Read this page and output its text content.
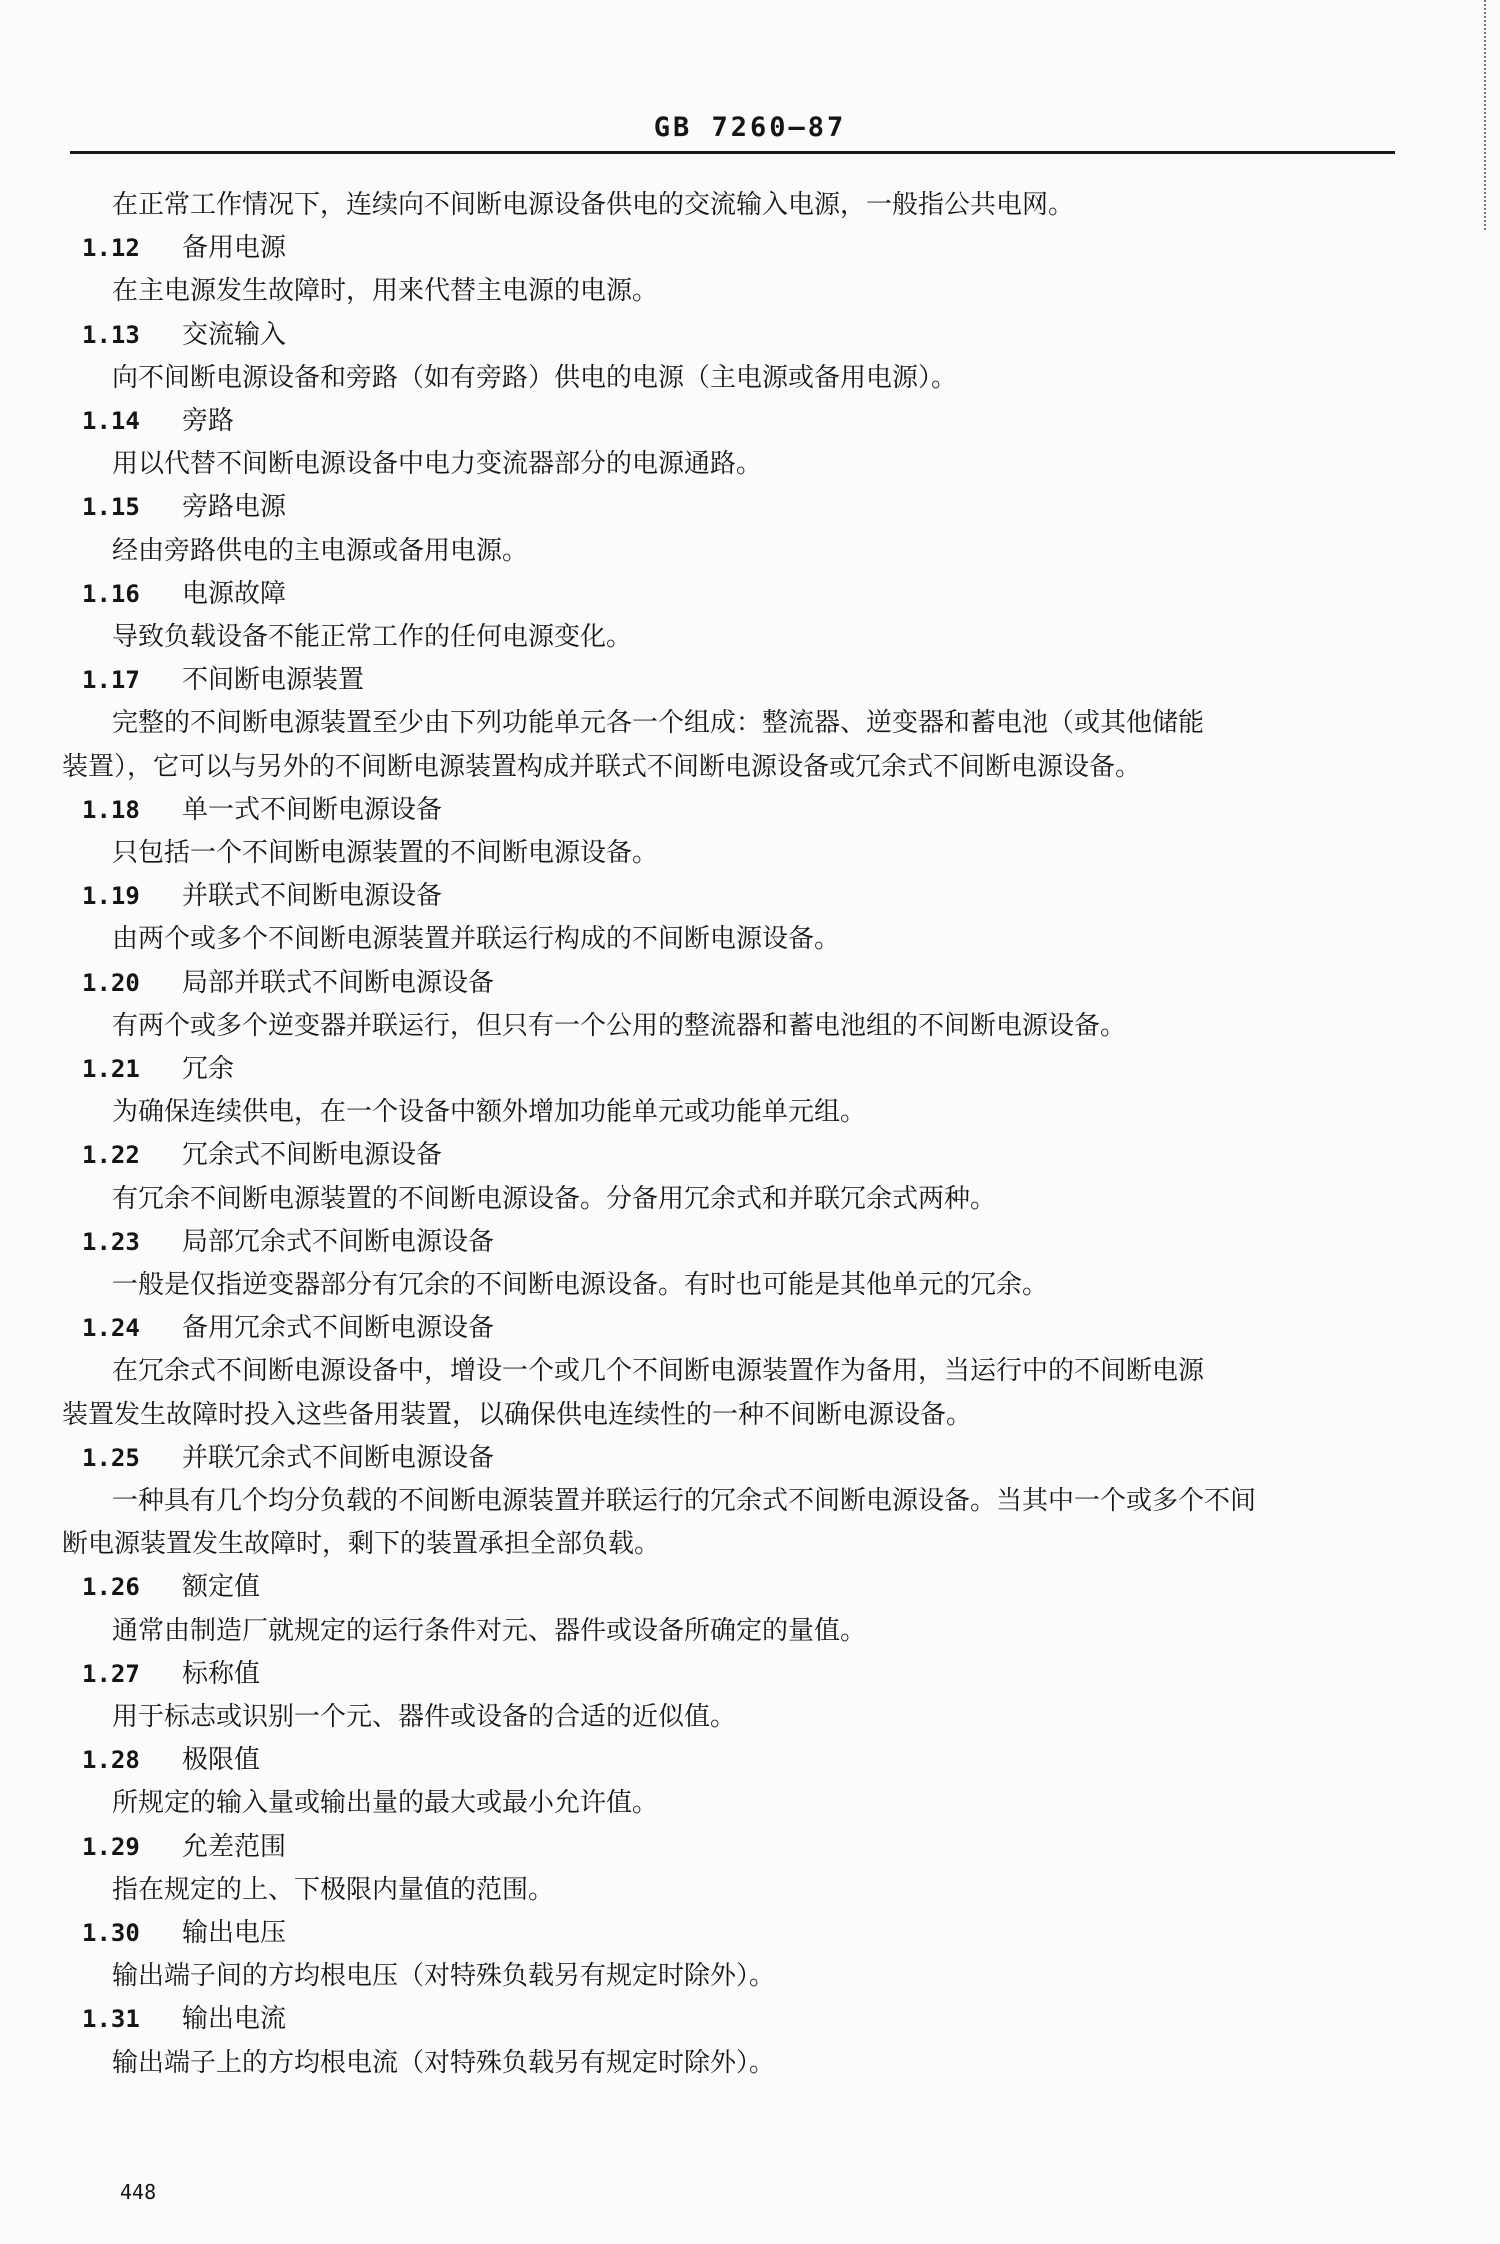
GB 7260—87
在正常工作情况下，连续向不间断电源设备供电的交流输入电源，一般指公共电网。
1.12 备用电源
在主电源发生故障时，用来代替主电源的电源。
1.13 交流输入
向不间断电源设备和旁路（如有旁路）供电的电源（主电源或备用电源）。
1.14 旁路
用以代替不间断电源设备中电力变流器部分的电源通路。
1.15 旁路电源
经由旁路供电的主电源或备用电源。
1.16 电源故障
导致负载设备不能正常工作的任何电源变化。
1.17 不间断电源装置
完整的不间断电源装置至少由下列功能单元各一个组成：整流器、逆变器和蓄电池（或其他储能
装置），它可以与另外的不间断电源装置构成并联式不间断电源设备或冗余式不间断电源设备。
1.18 单一式不间断电源设备
只包括一个不间断电源装置的不间断电源设备。
1.19 并联式不间断电源设备
由两个或多个不间断电源装置并联运行构成的不间断电源设备。
1.20 局部并联式不间断电源设备
有两个或多个逆变器并联运行，但只有一个公用的整流器和蓄电池组的不间断电源设备。
1.21 冗余
为确保连续供电，在一个设备中额外增加功能单元或功能单元组。
1.22 冗余式不间断电源设备
有冗余不间断电源装置的不间断电源设备。分备用冗余式和并联冗余式两种。
1.23 局部冗余式不间断电源设备
一般是仅指逆变器部分有冗余的不间断电源设备。有时也可能是其他单元的冗余。
1.24 备用冗余式不间断电源设备
在冗余式不间断电源设备中，增设一个或几个不间断电源装置作为备用，当运行中的不间断电源
装置发生故障时投入这些备用装置，以确保供电连续性的一种不间断电源设备。
1.25 并联冗余式不间断电源设备
一种具有几个均分负载的不间断电源装置并联运行的冗余式不间断电源设备。当其中一个或多个不间
断电源装置发生故障时，剩下的装置承担全部负载。
1.26 额定值
通常由制造厂就规定的运行条件对元、器件或设备所确定的量值。
1.27 标称值
用于标志或识别一个元、器件或设备的合适的近似值。
1.28 极限值
所规定的输入量或输出量的最大或最小允许值。
1.29 允差范围
指在规定的上、下极限内量值的范围。
1.30 输出电压
输出端子间的方均根电压（对特殊负载另有规定时除外）。
1.31 输出电流
输出端子上的方均根电流（对特殊负载另有规定时除外）。
448
